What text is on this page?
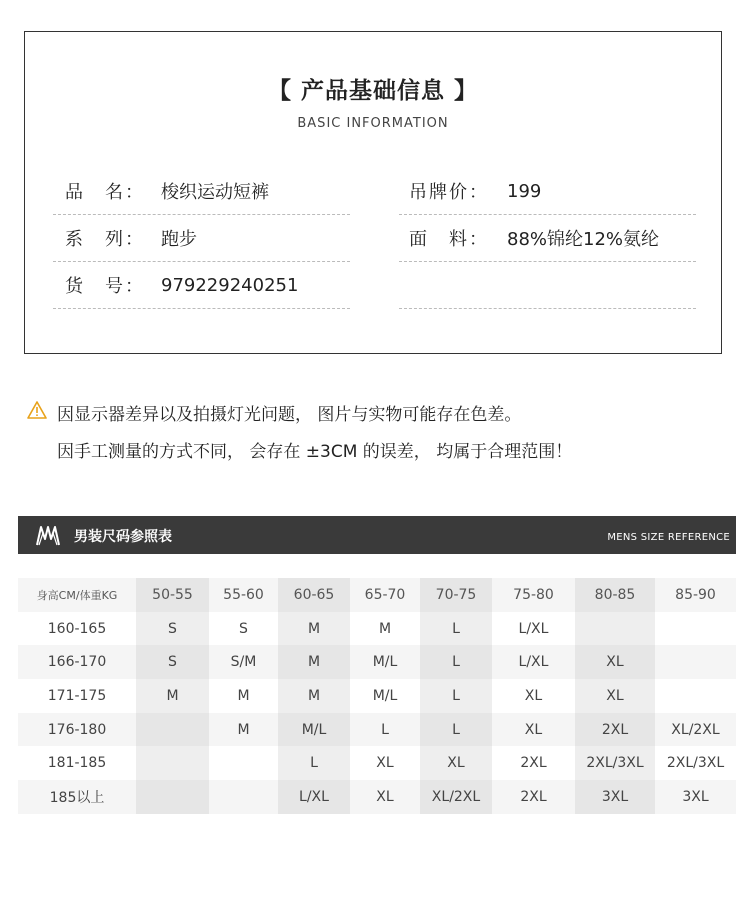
【 产品基础信息 】
BASIC INFORMATION
品　名： 梭织运动短裤	吊牌价：	199
系　列： 跑步	面　料：	88%锦纶12%氨纶
货　号： 979229240251
因显示器差异以及拍摄灯光问题， 图片与实物可能存在色差。
因手工测量的方式不同， 会存在 ±3CM 的误差， 均属于合理范围！
男装尺码参照表	MENS SIZE REFERENCE
身高CM/体重KG	50-55	55-60	60-65	65-70	70-75	75-80	80-85	85-90
160-165	S	S	M	M	L	L/XL		
166-170	S	S/M	M	M/L	L	L/XL	XL	
171-175	M	M	M	M/L	L	XL	XL	
176-180		M	M/L	L	L	XL	2XL	XL/2XL
181-185			L	XL	XL	2XL	2XL/3XL	2XL/3XL
185以上			L/XL	XL	XL/2XL	2XL	3XL	3XL
